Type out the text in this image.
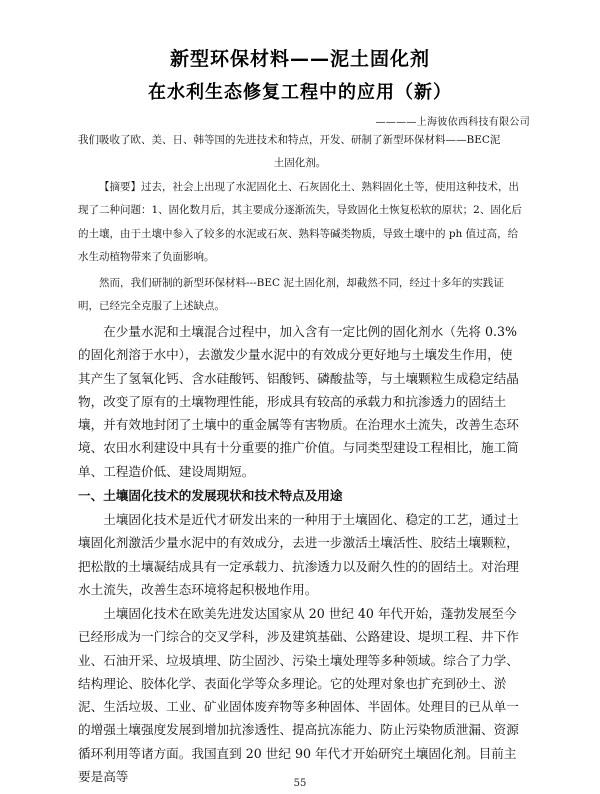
新型环保材料——泥土固化剂
在水利生态修复工程中的应用（新）
————上海彼依西科技有限公司

我们吸收了欧、美、日、韩等国的先进技术和特点，开发、研制了新型环保材料——BEC泥

土固化剂。

【摘要】过去，社会上出现了水泥固化土、石灰固化土、熟料固化土等，使用这种技术，出现了二种问题：1、固化数月后，其主要成分逐渐流失，导致固化土恢复松软的原状；2、固化后的土壤，由于土壤中参入了较多的水泥或石灰、熟料等碱类物质，导致土壤中的 ph 值过高，给水生动植物带来了负面影响。

然而，我们研制的新型环保材料---BEC 泥土固化剂，却截然不同，经过十多年的实践证明，已经完全克服了上述缺点。

在少量水泥和土壤混合过程中，加入含有一定比例的固化剂水（先将 0.3%的固化剂溶于水中），去激发少量水泥中的有效成分更好地与土壤发生作用，使其产生了氢氧化钙、含水硅酸钙、铝酸钙、磷酸盐等，与土壤颗粒生成稳定结晶物，改变了原有的土壤物理性能，形成具有较高的承载力和抗渗透力的固结土壤，并有效地封闭了土壤中的重金属等有害物质。在治理水土流失，改善生态环境、农田水利建设中具有十分重要的推广价值。与同类型建设工程相比，施工简单、工程造价低、建设周期短。

一、土壤固化技术的发展现状和技术特点及用途

土壤固化技术是近代才研发出来的一种用于土壤固化、稳定的工艺，通过土壤固化剂激活少量水泥中的有效成分，去进一步激活土壤活性、胶结土壤颗粒，把松散的土壤凝结成具有一定承载力、抗渗透力以及耐久性的的固结土。对治理水土流失，改善生态环境将起积极地作用。

土壤固化技术在欧美先进发达国家从 20 世纪 40 年代开始，蓬勃发展至今已经形成为一门综合的交叉学科，涉及建筑基础、公路建设、堤坝工程、井下作业、石油开采、垃圾填埋、防尘固沙、污染土壤处理等多种领域。综合了力学、结构理论、胶体化学、表面化学等众多理论。它的处理对象也扩充到砂土、淤泥、生活垃圾、工业、矿业固体废弃物等多种固体、半固体。处理目的已从单一的增强土壤强度发展到增加抗渗透性、提高抗冻能力、防止污染物质泄漏、资源循环利用等诸方面。我国直到 20 世纪 90 年代才开始研究土壤固化剂。目前主要是高等	55
